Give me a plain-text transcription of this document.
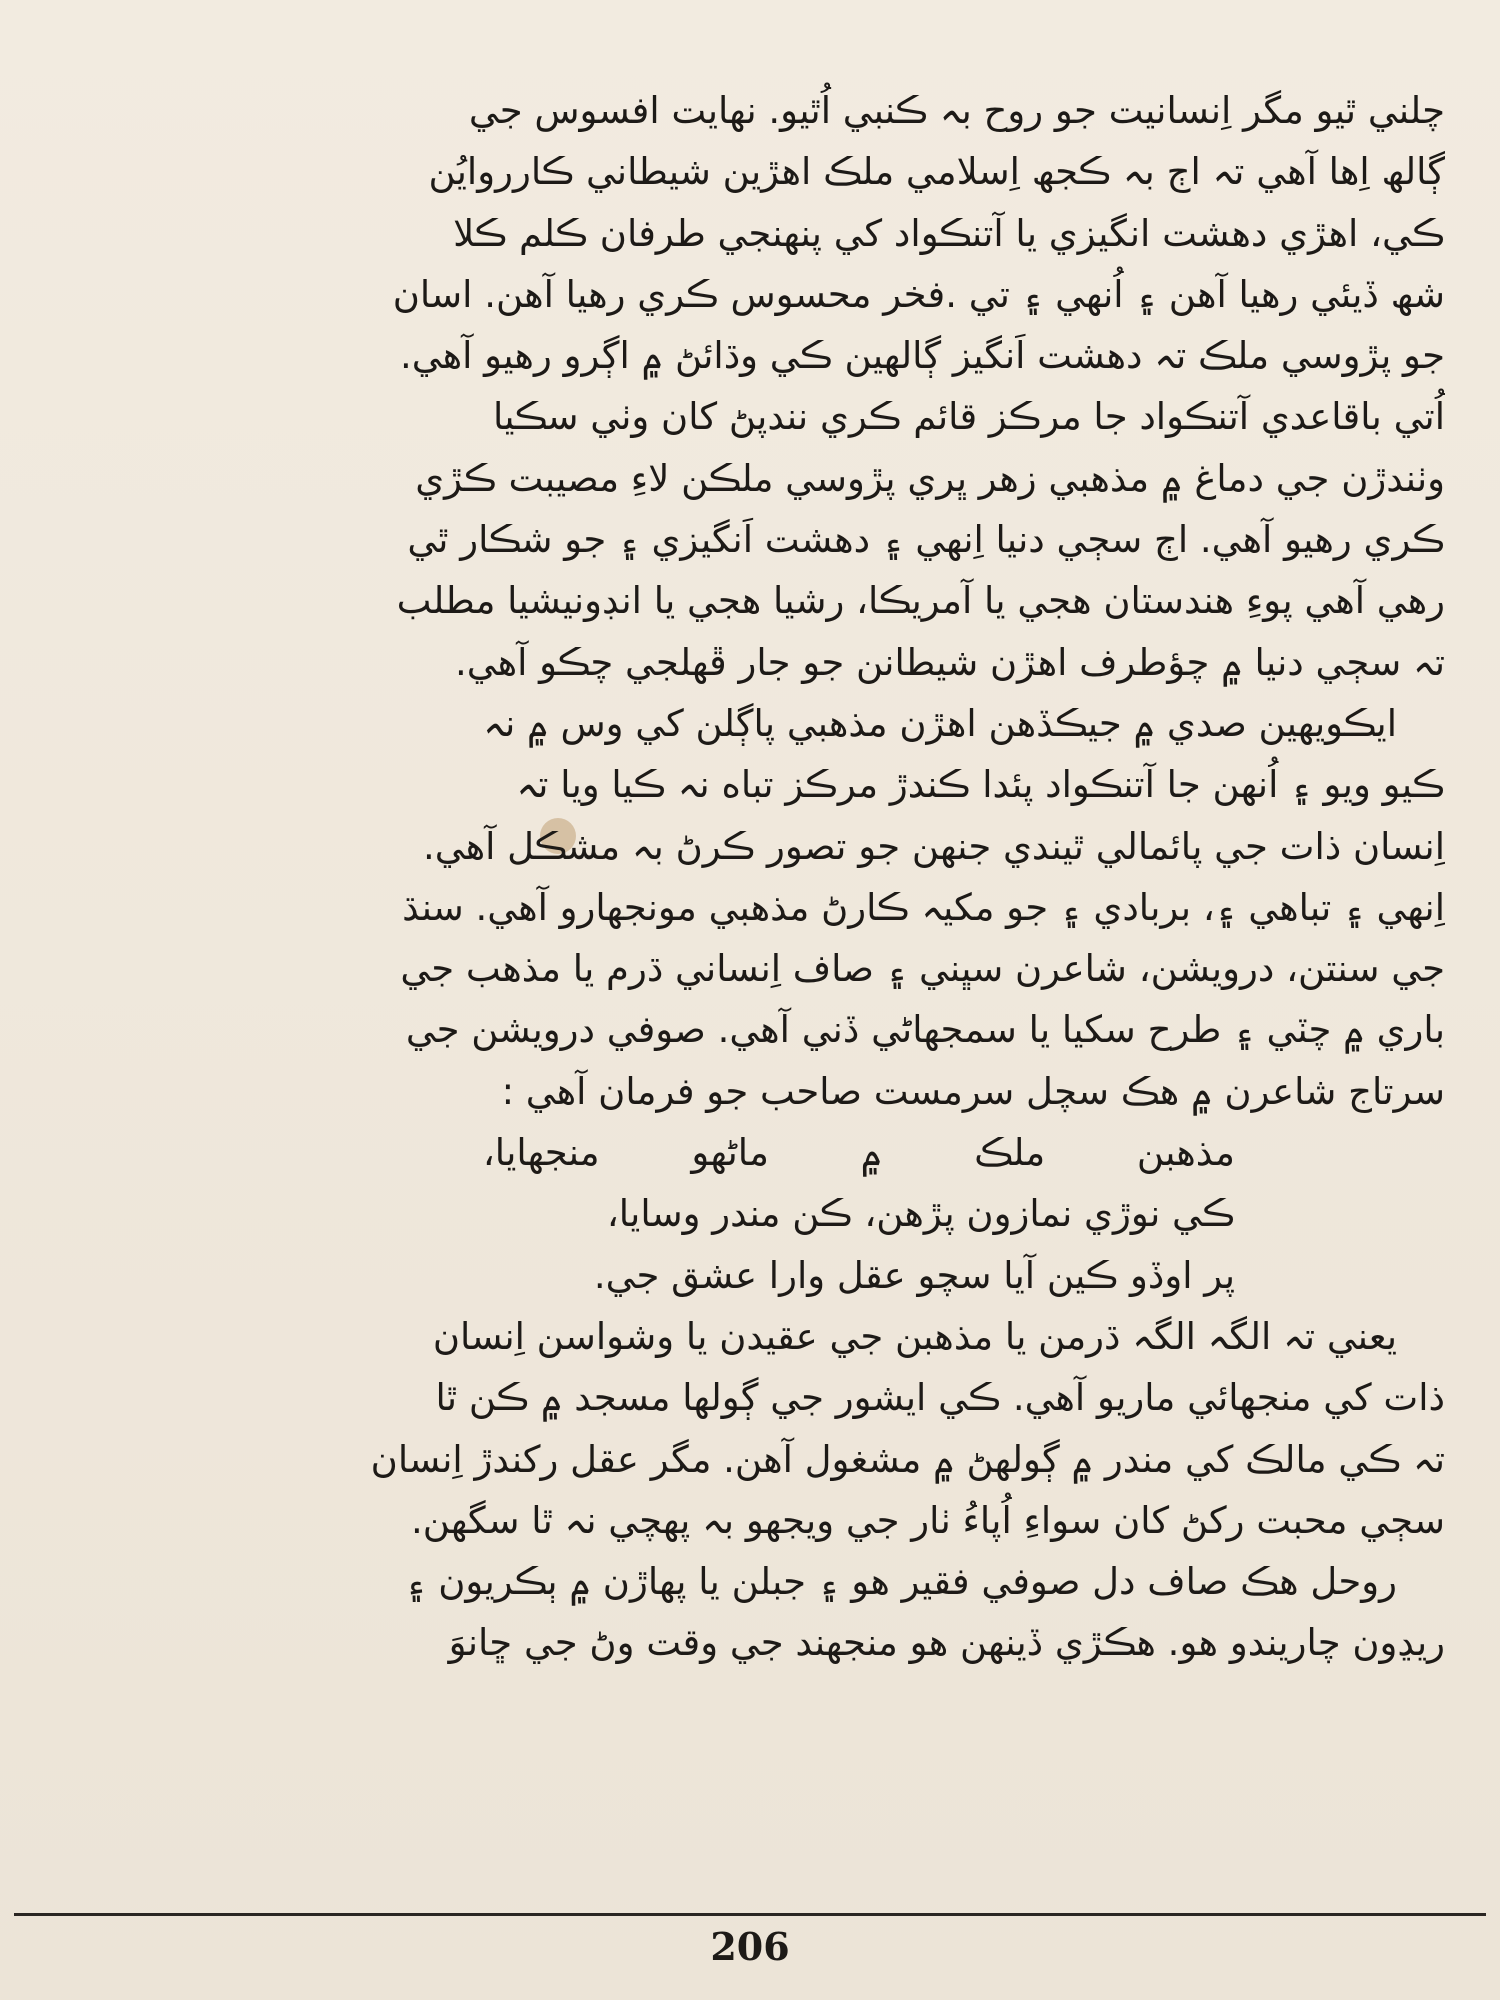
چلني ٿيو مگر اِنسانيت جو روح بہ ڪنبي اُٿيو. نهايت افسوس جي
ڳالھ اِها آهي تہ اڄ بہ ڪجھ اِسلامي ملڪ اهڙين شيطاني ڪارروايُن
ڪي، اهڙي دهشت انگيزي يا آتنڪواد کي پنهنجي طرفان ڪلم ڪلا
شھ ڏيئي رهيا آهن ۽ اُنهي ۽ تي .فخر محسوس ڪري رهيا آهن. اسان
جو پڙوسي ملڪ تہ دهشت اَنگيز ڳالهين ڪي وڌائڻ ۾ اڳرو رهيو آهي.
اُتي باقاعدي آتنڪواد جا مرڪز قائم ڪري نندپڻ کان وٺي سڪيا
وٺندڙن جي دماغ ۾ مذهبي زهر ڀري پڙوسي ملڪن لاءِ مصيبت ڪڙي
ڪري رهيو آهي. اڄ سڄي دنيا اِنهي ۽ دهشت اَنگيزي ۽ جو شڪار ٿي
رهي آهي پوءِ هندستان هجي يا آمريڪا، رشيا هجي يا انڊونيشيا مطلب
تہ سڄي دنيا ۾ چؤطرف اهڙن شيطانن جو جار ڦهلجي چڪو آهي.
ايڪويهين صدي ۾ جيڪڏهن اهڙن مذهبي پاڳلن کي وس ۾ نہ
ڪيو ويو ۽ اُنهن جا آتنڪواد پئدا ڪندڙ مرڪز تباه نہ ڪيا ويا تہ
اِنسان ذات جي پائمالي ٿيندي جنهن جو تصور ڪرڻ بہ مشڪل آهي.
اِنهي ۽ تباهي ۽، بربادي ۽ جو مکيہ ڪارڻ مذهبي مونجهارو آهي. سنڌ
جي سنتن، درويشن، شاعرن سڀني ۽ صاف اِنساني ڌرم يا مذهب جي
باري ۾ چٽي ۽ طرح سکيا يا سمجهاڻي ڏني آهي. صوفي درويشن جي
سرتاج شاعرن ۾ هڪ سچل سرمست صاحب جو فرمان آهي :
مذهبن ملڪ ۾ ماڻهو منجهايا،
ڪي نوڙي نمازون پڙهن، ڪن مندر وسايا،
پر اوڏو ڪين آيا سچو عقل وارا عشق جي.
يعني تہ الگہ الگہ ڌرمن يا مذهبن جي عقيدن يا وشواسن اِنسان
ذات کي منجهائي ماريو آهي. ڪي ايشور جي ڳولها مسجد ۾ ڪن ٿا
تہ ڪي مالڪ کي مندر ۾ ڳولهڻ ۾ مشغول آهن. مگر عقل رکندڙ اِنسان
سڄي محبت رکڻ کان سواءِ اُپاءُ ٺار جي ويجهو بہ پهچي نہ ٿا سگهن.
روحل هڪ صاف دل صوفي فقير هو ۽ جبلن يا پهاڙن ۾ ٻڪريون ۽
ريڍون چاريندو هو. هڪڙي ڏينهن هو منجهند جي وقت وڻ جي ڇانوَ
206
